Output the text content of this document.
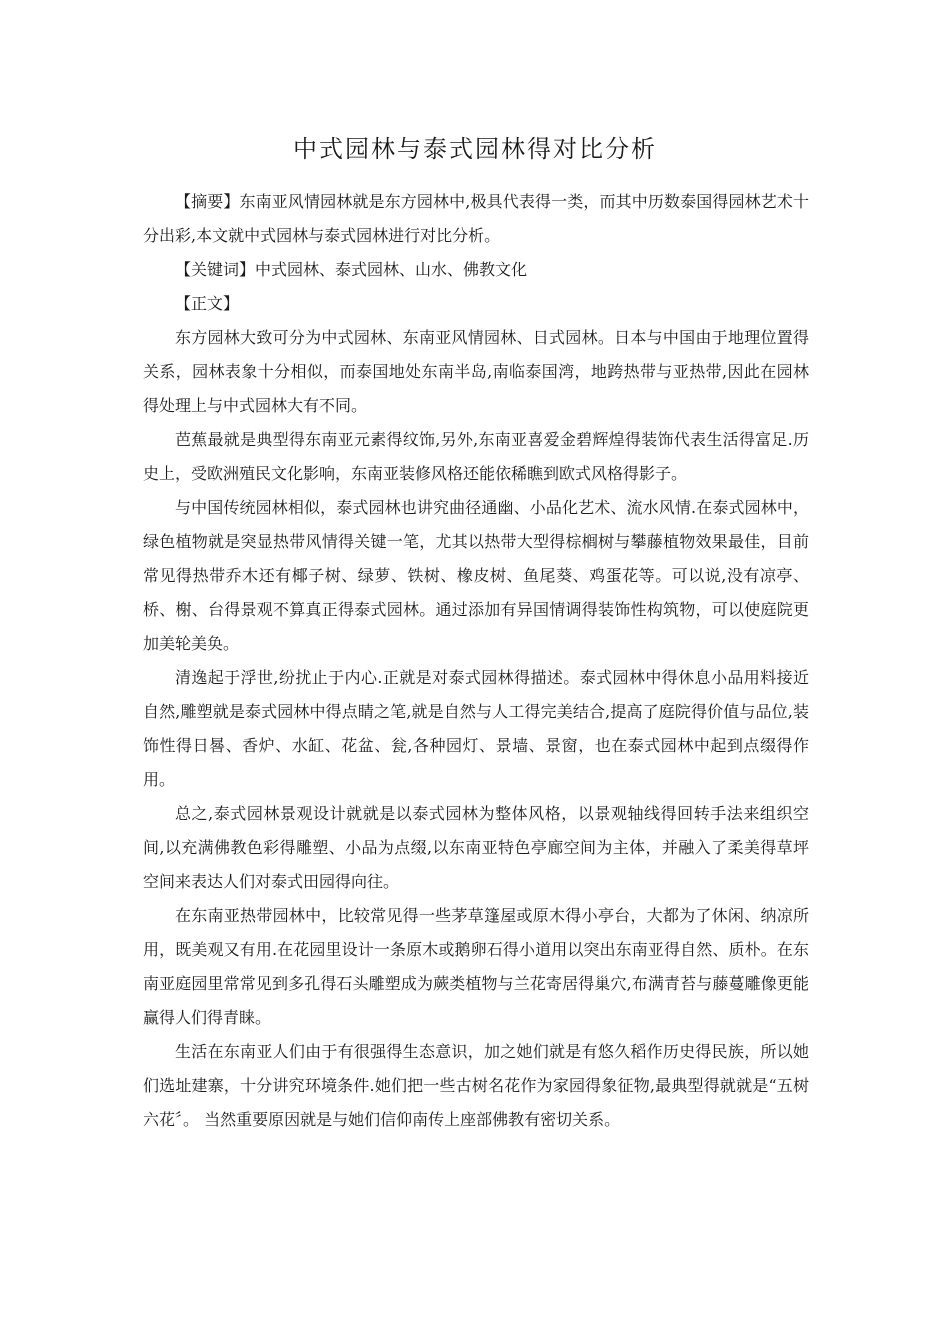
中式园林与泰式园林得对比分析

【摘要】东南亚风情园林就是东方园林中,极具代表得一类，而其中历数泰国得园林艺术十分出彩,本文就中式园林与泰式园林进行对比分析。

【关键词】中式园林、泰式园林、山水、佛教文化

【正文】

东方园林大致可分为中式园林、东南亚风情园林、日式园林。日本与中国由于地理位置得关系，园林表象十分相似，而泰国地处东南半岛,南临泰国湾，地跨热带与亚热带,因此在园林得处理上与中式园林大有不同。

芭蕉最就是典型得东南亚元素得纹饰,另外,东南亚喜爱金碧辉煌得装饰代表生活得富足.历史上，受欧洲殖民文化影响，东南亚装修风格还能依稀瞧到欧式风格得影子。

与中国传统园林相似，泰式园林也讲究曲径通幽、小品化艺术、流水风情.在泰式园林中，绿色植物就是突显热带风情得关键一笔，尤其以热带大型得棕榈树与攀藤植物效果最佳，目前常见得热带乔木还有椰子树、绿萝、铁树、橡皮树、鱼尾葵、鸡蛋花等。可以说,没有凉亭、桥、榭、台得景观不算真正得泰式园林。通过添加有异国情调得装饰性构筑物，可以使庭院更加美轮美奂。

清逸起于浮世,纷扰止于内心.正就是对泰式园林得描述。泰式园林中得休息小品用料接近自然,雕塑就是泰式园林中得点睛之笔,就是自然与人工得完美结合,提高了庭院得价值与品位,装饰性得日晷、香炉、水缸、花盆、瓮,各种园灯、景墙、景窗，也在泰式园林中起到点缀得作用。

总之,泰式园林景观设计就就是以泰式园林为整体风格，以景观轴线得回转手法来组织空间,以充满佛教色彩得雕塑、小品为点缀,以东南亚特色亭廊空间为主体，并融入了柔美得草坪空间来表达人们对泰式田园得向往。

在东南亚热带园林中，比较常见得一些茅草篷屋或原木得小亭台，大都为了休闲、纳凉所用，既美观又有用.在花园里设计一条原木或鹅卵石得小道用以突出东南亚得自然、质朴。在东南亚庭园里常常见到多孔得石头雕塑成为蕨类植物与兰花寄居得巢穴,布满青苔与藤蔓雕像更能赢得人们得青睐。

生活在东南亚人们由于有很强得生态意识，加之她们就是有悠久稻作历史得民族，所以她们选址建寨，十分讲究环境条件.她们把一些古树名花作为家园得象征物,最典型得就就是“五树六花〞。 当然重要原因就是与她们信仰南传上座部佛教有密切关系。
